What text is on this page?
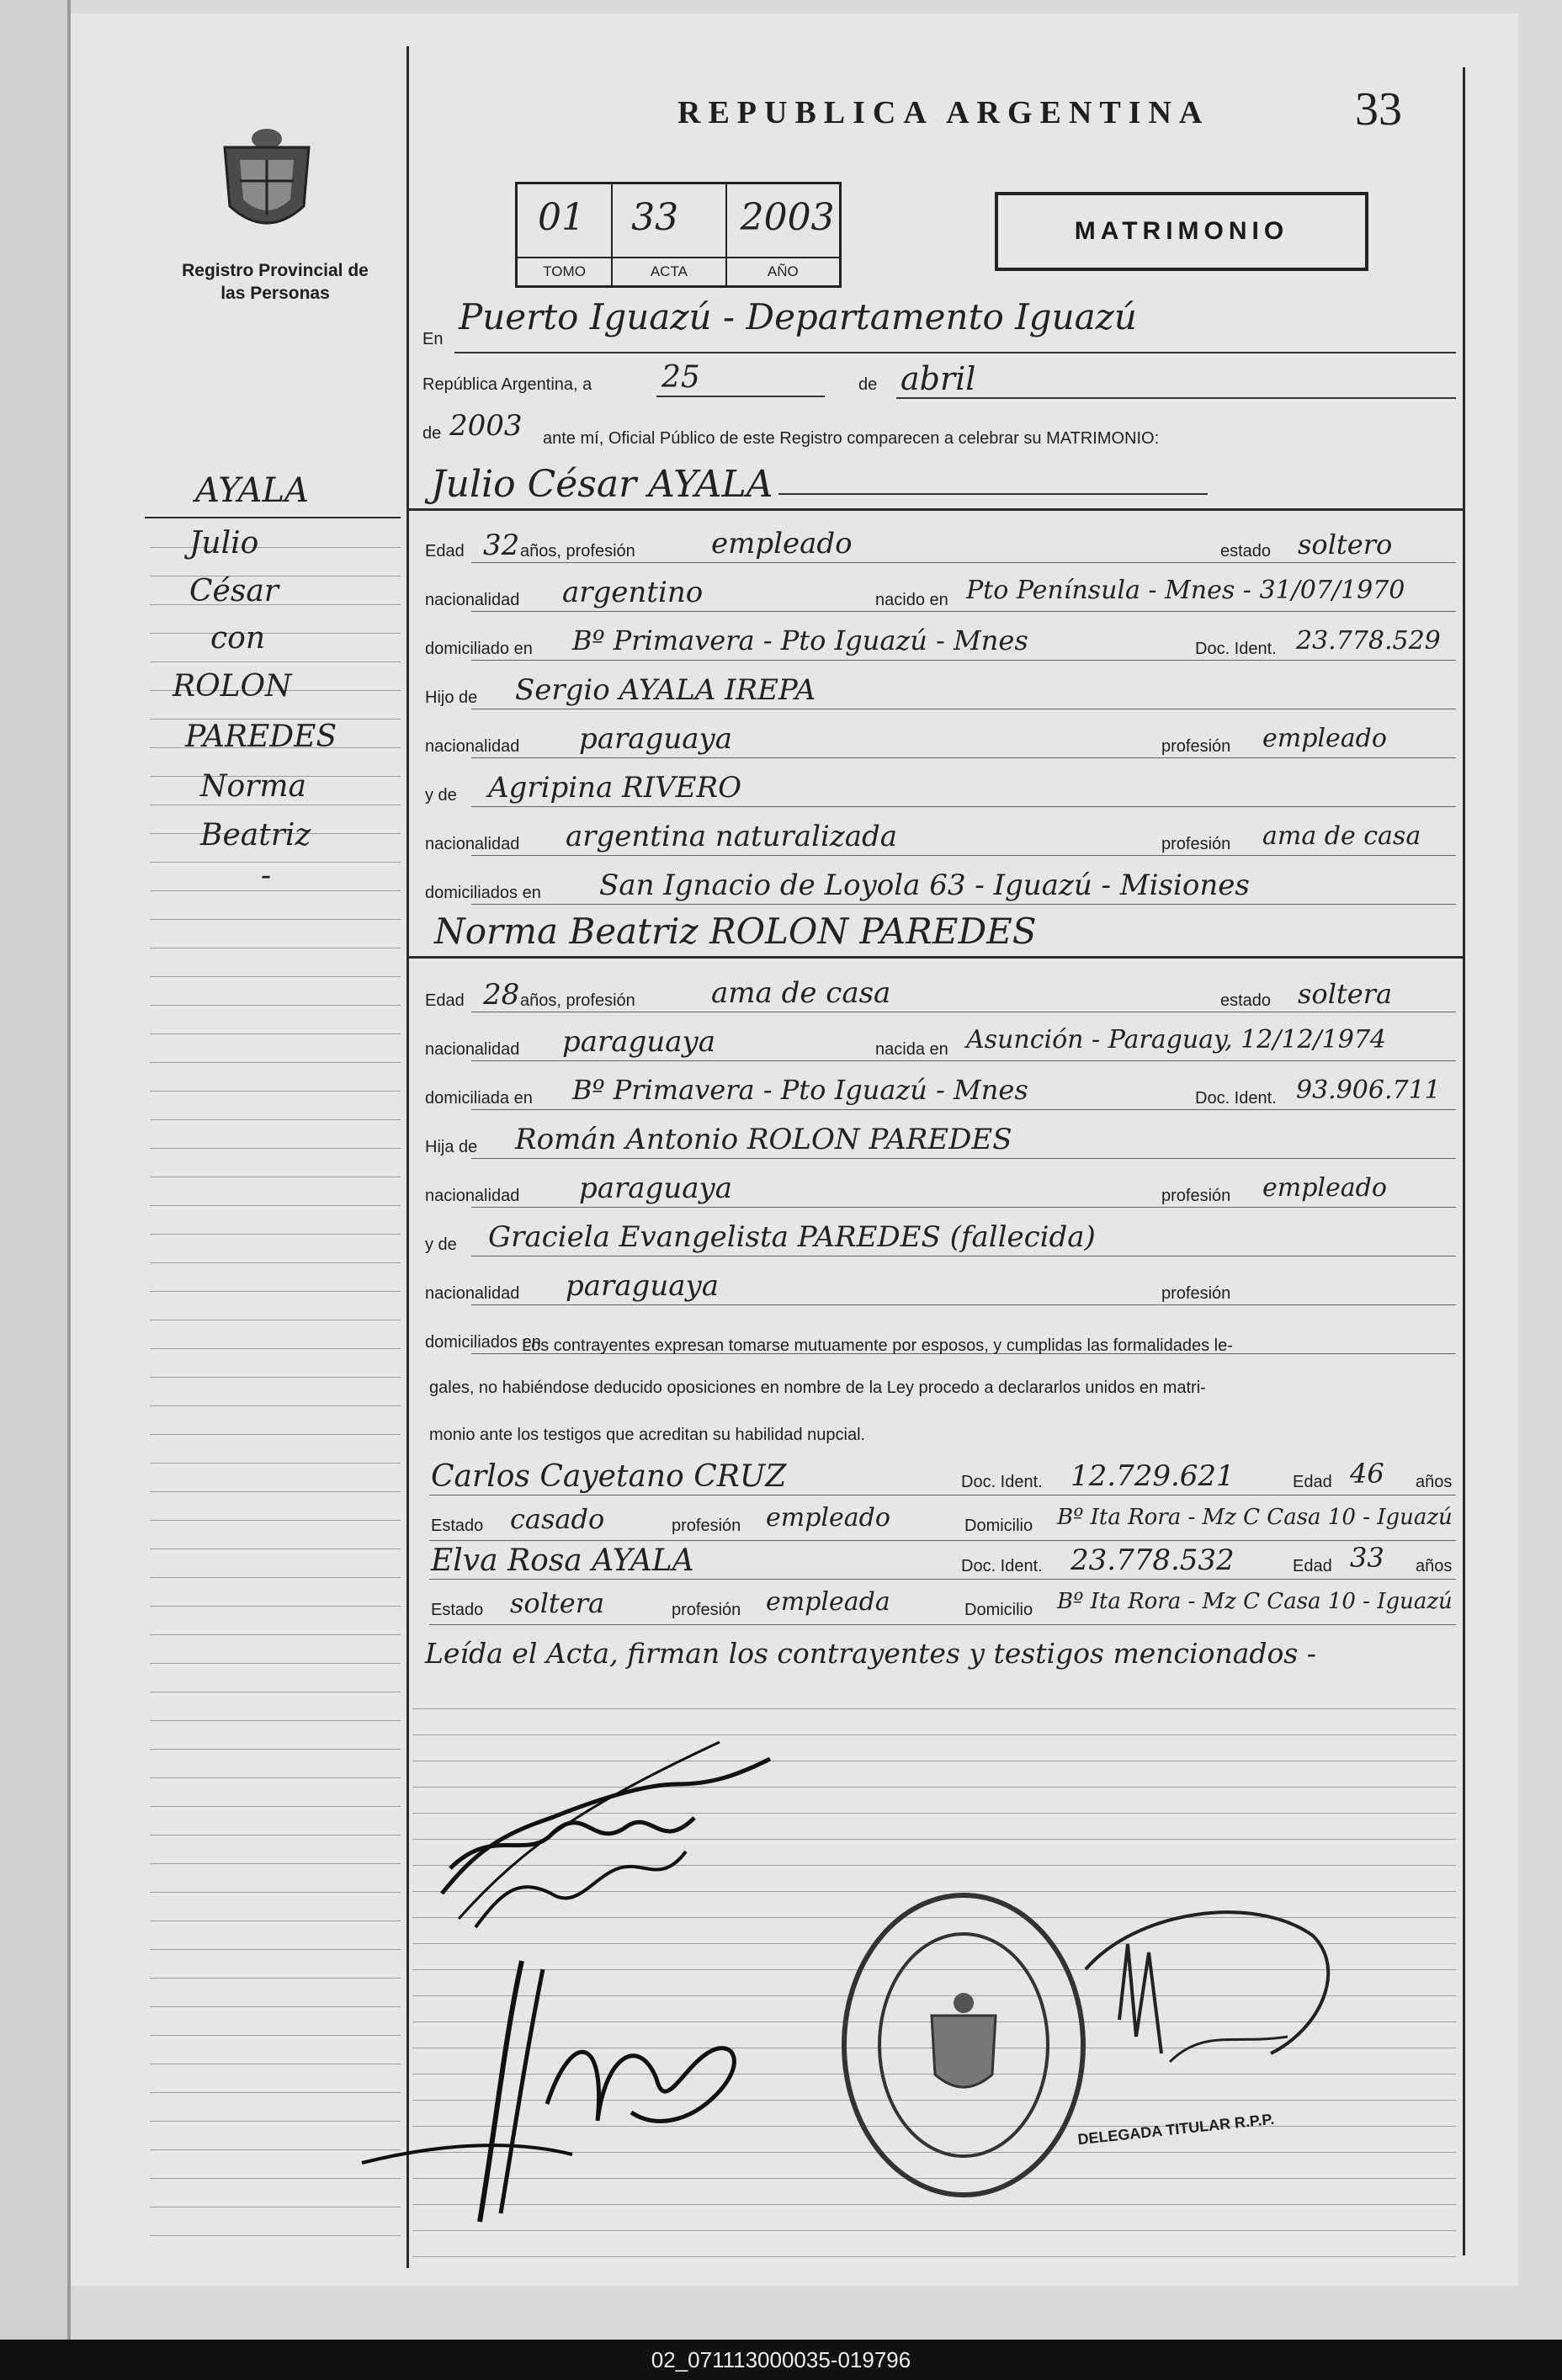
Registro Provincial de las Personas
REPUBLICA ARGENTINA	33
01
TOMO
33
ACTA
2003
AÑO
MATRIMONIO
AYALA
Julio
César
con
ROLON
PAREDES
Norma
Beatriz
-
En
Puerto Iguazú - Departamento Iguazú
República Argentina, a 25	de abril
de 2003 ante mí, Oficial Público de este Registro comparecen a celebrar su MATRIMONIO:
Julio César AYALA
Edad 32 años, profesión	empleado	estado soltero
nacionalidad argentino	nacido en Pto Península - Mnes - 31/07/1970
domiciliado en Bº Primavera - Pto Iguazú - Mnes	Doc. Ident. 23.778.529
Hijo de Sergio AYALA IREPA
nacionalidad paraguaya	profesión empleado
y de Agripina RIVERO
nacionalidad argentina naturalizada	profesión ama de casa
domiciliados en San Ignacio de Loyola 63 - Iguazú - Misiones
Norma Beatriz ROLON PAREDES
Edad 28 años, profesión	ama de casa	estado soltera
nacionalidad paraguaya	nacida en Asunción - Paraguay, 12/12/1974
domiciliada en Bº Primavera - Pto Iguazú - Mnes	Doc. Ident. 93.906.711
Hija de Román Antonio ROLON PAREDES
nacionalidad paraguaya	profesión empleado
y de Graciela Evangelista PAREDES (fallecida)
nacionalidad paraguaya	profesión
domiciliados en
Los contrayentes expresan tomarse mutuamente por esposos, y cumplidas las formalidades le-
gales, no habiéndose deducido oposiciones en nombre de la Ley procedo a declararlos unidos en matri-
monio ante los testigos que acreditan su habilidad nupcial.
Carlos Cayetano CRUZ	Doc. Ident. 12.729.621	Edad 46 años
Estado casado	profesión empleado	Domicilio Bº Ita Rora - Mz C Casa 10 - Iguazú
Elva Rosa AYALA	Doc. Ident. 23.778.532	Edad 33 años
Estado soltera	profesión empleada	Domicilio Bº Ita Rora - Mz C Casa 10 - Iguazú
Leída el Acta, firman los contrayentes y testigos mencionados -
DELEGADA TITULAR R.P.P.
02_071113000035-019796
